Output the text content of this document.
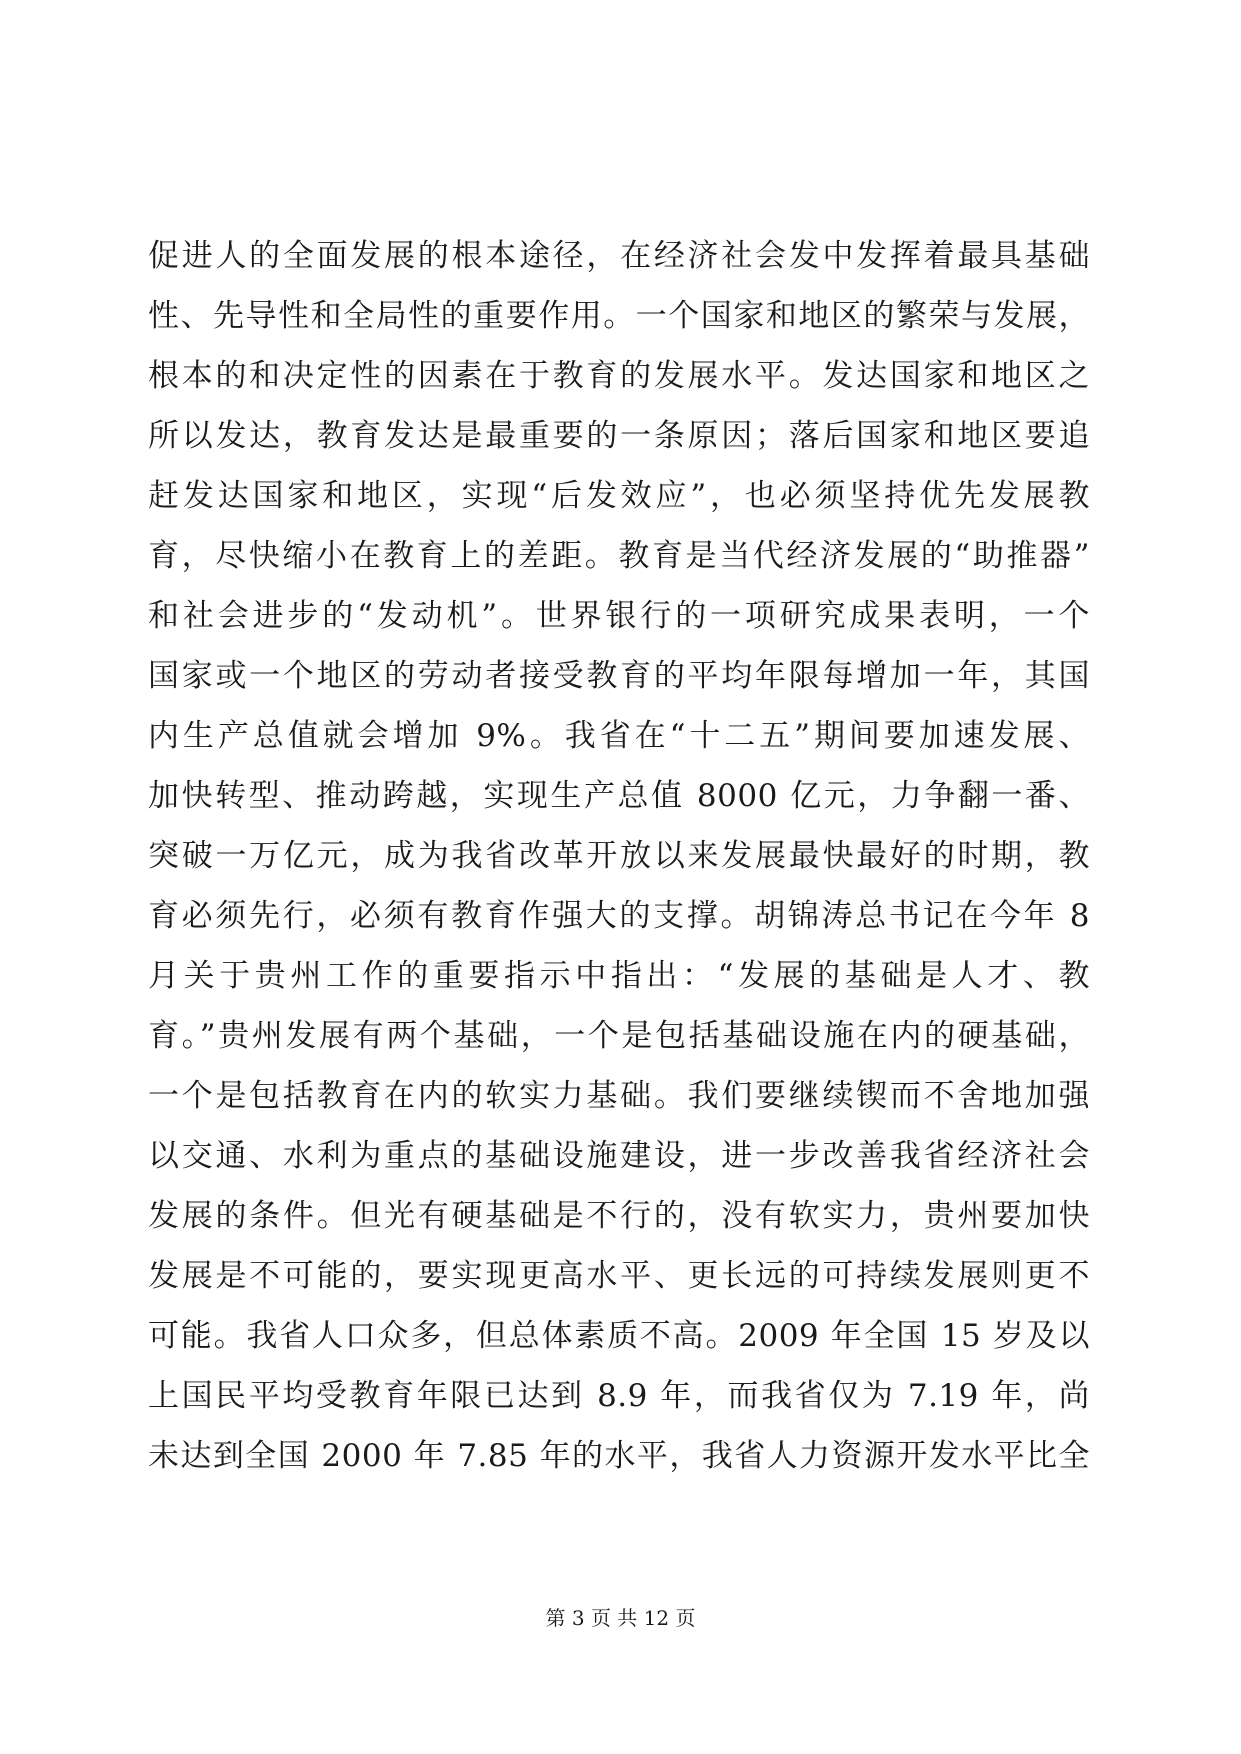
促进人的全面发展的根本途径，在经济社会发中发挥着最具基础
性、先导性和全局性的重要作用。一个国家和地区的繁荣与发展，
根本的和决定性的因素在于教育的发展水平。发达国家和地区之
所以发达，教育发达是最重要的一条原因；落后国家和地区要追
赶发达国家和地区，实现“后发效应”，也必须坚持优先发展教
育，尽快缩小在教育上的差距。教育是当代经济发展的“助推器”
和社会进步的“发动机”。世界银行的一项研究成果表明，一个
国家或一个地区的劳动者接受教育的平均年限每增加一年，其国
内生产总值就会增加 9%。我省在“十二五”期间要加速发展、
加快转型、推动跨越，实现生产总值 8000 亿元，力争翻一番、
突破一万亿元，成为我省改革开放以来发展最快最好的时期，教
育必须先行，必须有教育作强大的支撑。胡锦涛总书记在今年 8
月关于贵州工作的重要指示中指出：“发展的基础是人才、教
育。”贵州发展有两个基础，一个是包括基础设施在内的硬基础，
一个是包括教育在内的软实力基础。我们要继续锲而不舍地加强
以交通、水利为重点的基础设施建设，进一步改善我省经济社会
发展的条件。但光有硬基础是不行的，没有软实力，贵州要加快
发展是不可能的，要实现更高水平、更长远的可持续发展则更不
可能。我省人口众多，但总体素质不高。2009 年全国 15 岁及以
上国民平均受教育年限已达到 8.9 年，而我省仅为 7.19 年，尚
未达到全国 2000 年 7.85 年的水平，我省人力资源开发水平比全
第 3 页 共 12 页
